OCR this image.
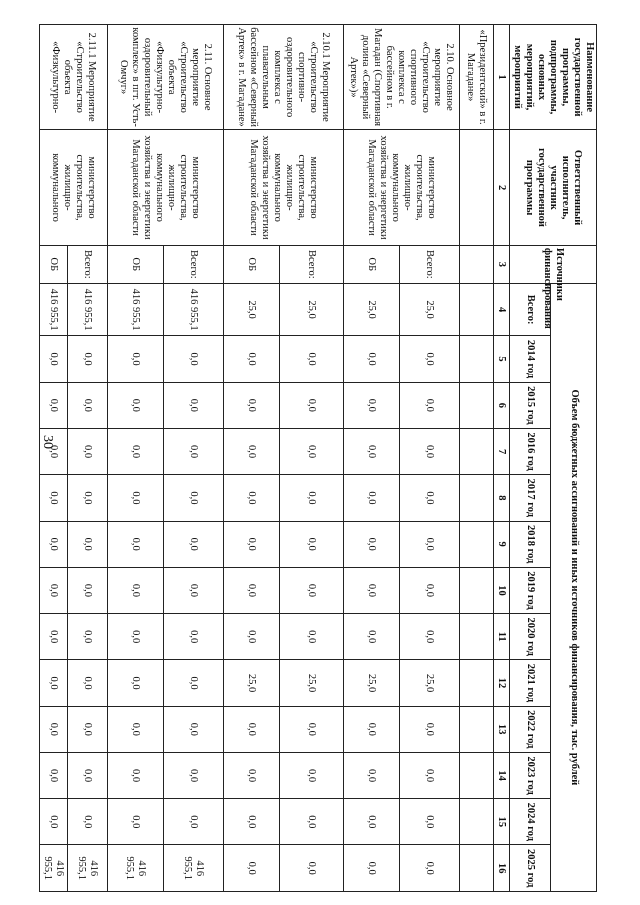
30
Наименование государственной программы, подпрограммы, основных мероприятий, мероприятий	Ответственный исполнитель, участник государственной программы	Источники финансирования	Объем бюджетных ассигнований и иных источников финансирования, тыс. рублей												
			Всего:	2014 год	2015 год	2016 год	2017 год	2018 год	2019 год	2020 год	2021 год	2022 год	2023 год	2024 год	2025 год
1	2	3	4	5	6	7	8	9	10	11	12	13	14	15	16
«Президентский» в г. Магадане»															
2.10. Основное мероприятие «Строительство спортивного комплекса с бассейном в г. Магадан (Спортивная долина «Северный Артек»)»	министерство строительства, жилищно-коммунального хозяйства и энергетики Магаданской области	Всего:	25,0	0,0	0,0	0,0	0,0	0,0	0,0	0,0	25,0	0,0	0,0	0,0	0,0
		ОБ	25,0	0,0	0,0	0,0	0,0	0,0	0,0	0,0	25,0	0,0	0,0	0,0	0,0
2.10.1 Мероприятие «Строительство спортивно-оздоровительного комплекса с плавательным бассейном «Северный Артек» в г. Магадане»	министерство строительства, жилищно-коммунального хозяйства и энергетики Магаданской области	Всего:	25,0	0,0	0,0	0,0	0,0	0,0	0,0	0,0	25,0	0,0	0,0	0,0	0,0
		ОБ	25,0	0,0	0,0	0,0	0,0	0,0	0,0	0,0	25,0	0,0	0,0	0,0	0,0
2.11. Основное мероприятие «Строительство объекта «Физкультурно-оздоровительный комплекс» в пгт. Усть-Омчуг»	министерство строительства, жилищно-коммунального хозяйства и энергетики Магаданской области	Всего:	416 955,1	0,0	0,0	0,0	0,0	0,0	0,0	0,0	0,0	0,0	0,0	0,0	416 955,1
		ОБ	416 955,1	0,0	0,0	0,0	0,0	0,0	0,0	0,0	0,0	0,0	0,0	0,0	416 955,1
2.11.1 Мероприятие «Строительство объекта «Физкультурно-	министерство строительства, жилищно-коммунального	Всего:	416 955,1	0,0	0,0	0,0	0,0	0,0	0,0	0,0	0,0	0,0	0,0	0,0	416 955,1
		ОБ	416 955,1	0,0	0,0	0,0	0,0	0,0	0,0	0,0	0,0	0,0	0,0	0,0	416 955,1
